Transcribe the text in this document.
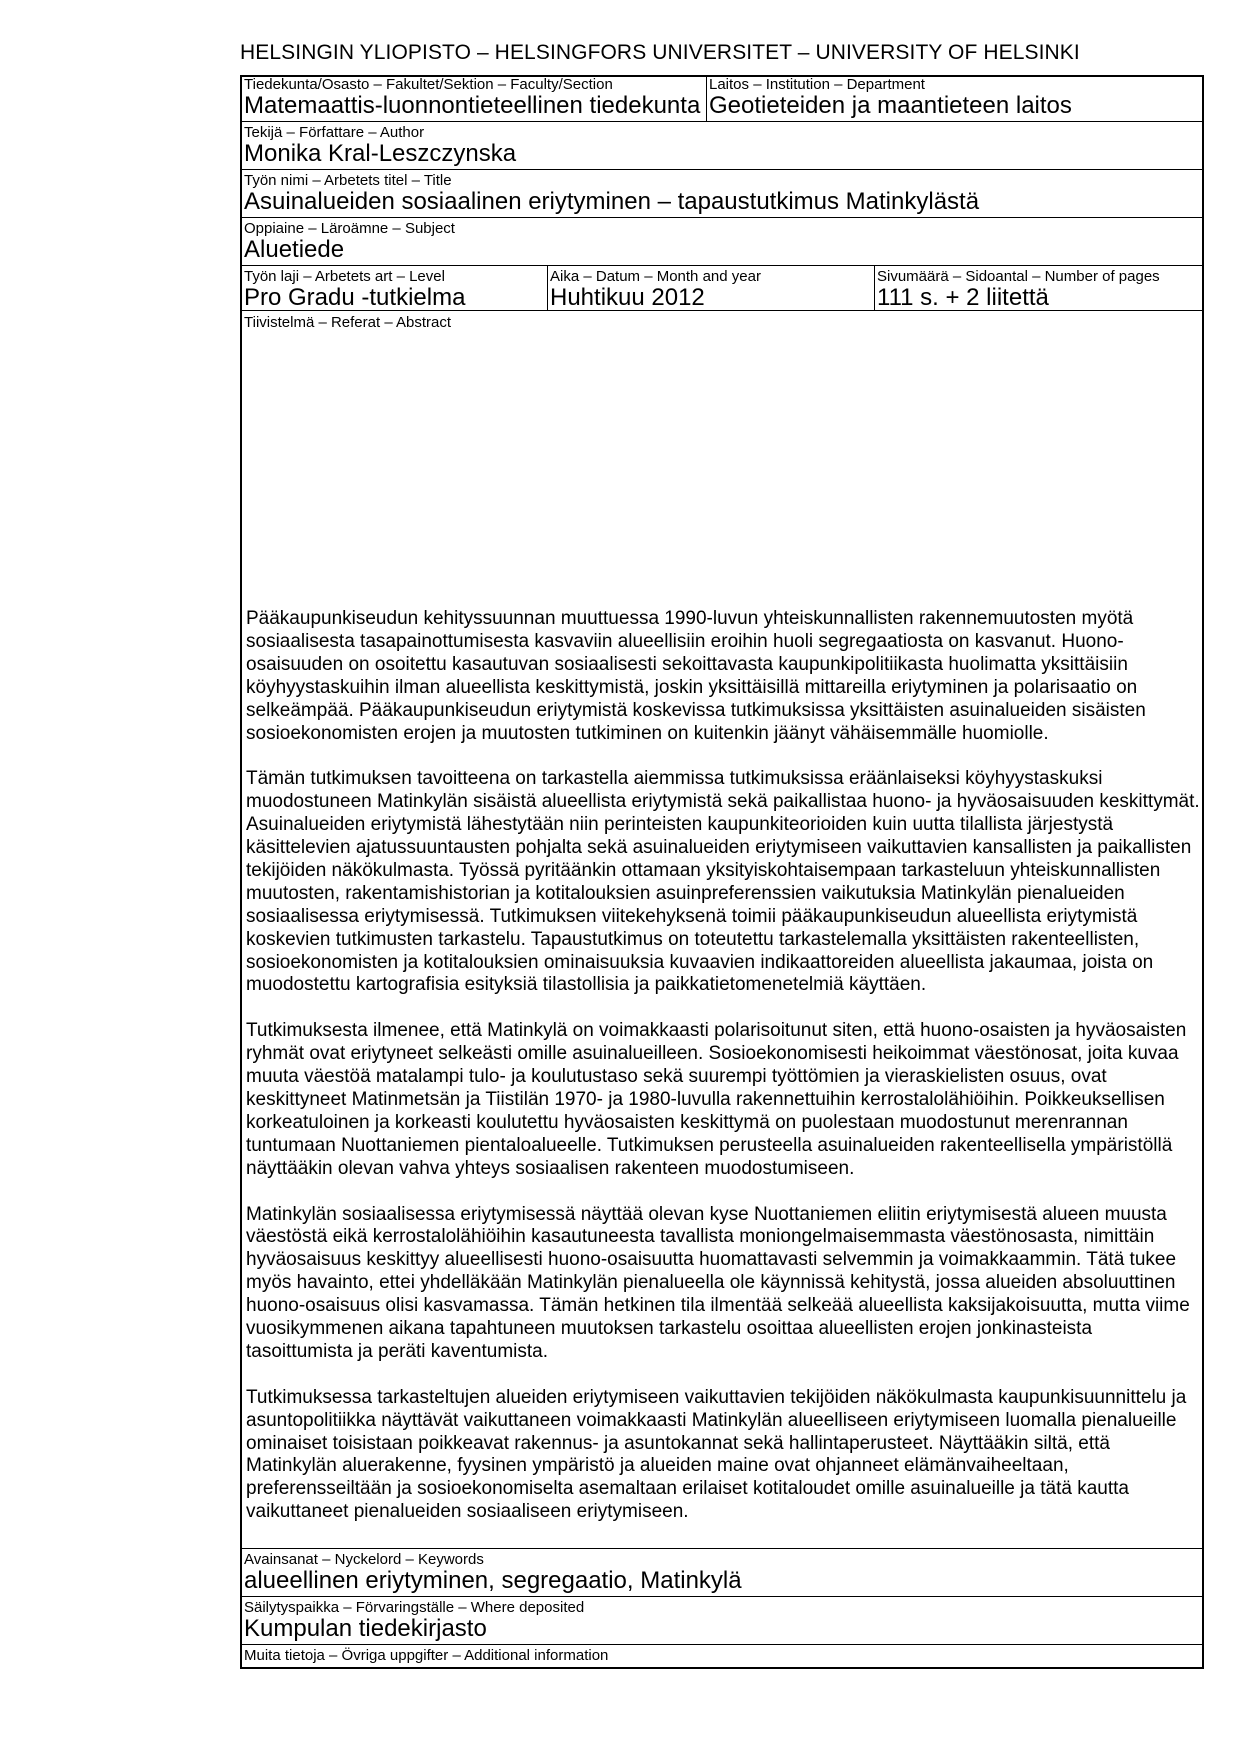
HELSINGIN YLIOPISTO – HELSINGFORS UNIVERSITET – UNIVERSITY OF HELSINKI
Tiedekunta/Osasto – Fakultet/Sektion – Faculty/Section
Matemaattis-luonnontieteellinen tiedekunta
Laitos – Institution – Department
Geotieteiden ja maantieteen laitos
Tekijä – Författare – Author
Monika Kral-Leszczynska
Työn nimi – Arbetets titel – Title
Asuinalueiden sosiaalinen eriytyminen – tapaustutkimus Matinkylästä
Oppiaine – Läroämne – Subject
Aluetiede
Työn laji – Arbetets art – Level
Pro Gradu -tutkielma
Aika – Datum – Month and year
Huhtikuu 2012
Sivumäärä – Sidoantal – Number of pages
111 s. + 2 liitettä
Tiivistelmä – Referat – Abstract

Pääkaupunkiseudun kehityssuunnan muuttuessa 1990-luvun yhteiskunnallisten rakennemuutosten myötä sosiaalisesta tasapainottumisesta kasvaviin alueellisiin eroihin huoli segregaatiosta on kasvanut. Huono-osaisuuden on osoitettu kasautuvan sosiaalisesti sekoittavasta kaupunkipolitiikasta huolimatta yksittäisiin köyhyystaskuihin ilman alueellista keskittymistä, joskin yksittäisillä mittareilla eriytyminen ja polarisaatio on selkeämpää. Pääkaupunkiseudun eriytymistä koskevissa tutkimuksissa yksittäisten asuinalueiden sisäisten sosioekonomisten erojen ja muutosten tutkiminen on kuitenkin jäänyt vähäisemmälle huomiolle.

Tämän tutkimuksen tavoitteena on tarkastella aiemmissa tutkimuksissa eräänlaiseksi köyhyystaskuksi muodostuneen Matinkylän sisäistä alueellista eriytymistä sekä paikallistaa huono- ja hyväosaisuuden keskittymät. Asuinalueiden eriytymistä lähestytään niin perinteisten kaupunkiteorioiden kuin uutta tilallista järjestystä käsittelevien ajatussuuntausten pohjalta sekä asuinalueiden eriytymiseen vaikuttavien kansallisten ja paikallisten tekijöiden näkökulmasta. Työssä pyritäänkin ottamaan yksityiskohtaisempaan tarkasteluun yhteiskunnallisten muutosten, rakentamishistorian ja kotitalouksien asuinpreferenssien vaikutuksia Matinkylän pienalueiden sosiaalisessa eriytymisessä. Tutkimuksen viitekehyksenä toimii pääkaupunkiseudun alueellista eriytymistä koskevien tutkimusten tarkastelu. Tapaustutkimus on toteutettu tarkastelemalla yksittäisten rakenteellisten, sosioekonomisten ja kotitalouksien ominaisuuksia kuvaavien indikaattoreiden alueellista jakaumaa, joista on muodostettu kartografisia esityksiä tilastollisia ja paikkatietomenetelmiä käyttäen.

Tutkimuksesta ilmenee, että Matinkylä on voimakkaasti polarisoitunut siten, että huono-osaisten ja hyväosaisten ryhmät ovat eriytyneet selkeästi omille asuinalueilleen. Sosioekonomisesti heikoimmat väestönosat, joita kuvaa muuta väestöä matalampi tulo- ja koulutustaso sekä suurempi työttömien ja vieraskielisten osuus, ovat keskittyneet Matinmetsän ja Tiistilän 1970- ja 1980-luvulla rakennettuihin kerrostalolähiöihin. Poikkeuksellisen korkeatuloinen ja korkeasti koulutettu hyväosaisten keskittymä on puolestaan muodostunut merenrannan tuntumaan Nuottaniemen pientaloalueelle. Tutkimuksen perusteella asuinalueiden rakenteellisella ympäristöllä näyttääkin olevan vahva yhteys sosiaalisen rakenteen muodostumiseen.

Matinkylän sosiaalisessa eriytymisessä näyttää olevan kyse Nuottaniemen eliitin eriytymisestä alueen muusta väestöstä eikä kerrostalolähiöihin kasautuneesta tavallista moniongelmaisemmasta väestönosasta, nimittäin hyväosaisuus keskittyy alueellisesti huono-osaisuutta huomattavasti selvemmin ja voimakkaammin. Tätä tukee myös havainto, ettei yhdelläkään Matinkylän pienalueella ole käynnissä kehitystä, jossa alueiden absoluuttinen huono-osaisuus olisi kasvamassa. Tämän hetkinen tila ilmentää selkeää alueellista kaksijakoisuutta, mutta viime vuosikymmenen aikana tapahtuneen muutoksen tarkastelu osoittaa alueellisten erojen jonkinasteista tasoittumista ja peräti kaventumista.

Tutkimuksessa tarkasteltujen alueiden eriytymiseen vaikuttavien tekijöiden näkökulmasta kaupunkisuunnittelu ja asuntopolitiikka näyttävät vaikuttaneen voimakkaasti Matinkylän alueelliseen eriytymiseen luomalla pienalueille ominaiset toisistaan poikkeavat rakennus- ja asuntokannat sekä hallintaperusteet. Näyttääkin siltä, että Matinkylän aluerakenne, fyysinen ympäristö ja alueiden maine ovat ohjanneet elämänvaiheeltaan, preferensseiltään ja sosioekonomiselta asemaltaan erilaiset kotitaloudet omille asuinalueille ja tätä kautta vaikuttaneet pienalueiden sosiaaliseen eriytymiseen.

Avainsanat – Nyckelord – Keywords
alueellinen eriytyminen, segregaatio, Matinkylä
Säilytyspaikka – Förvaringställe – Where deposited
Kumpulan tiedekirjasto
Muita tietoja – Övriga uppgifter – Additional information
